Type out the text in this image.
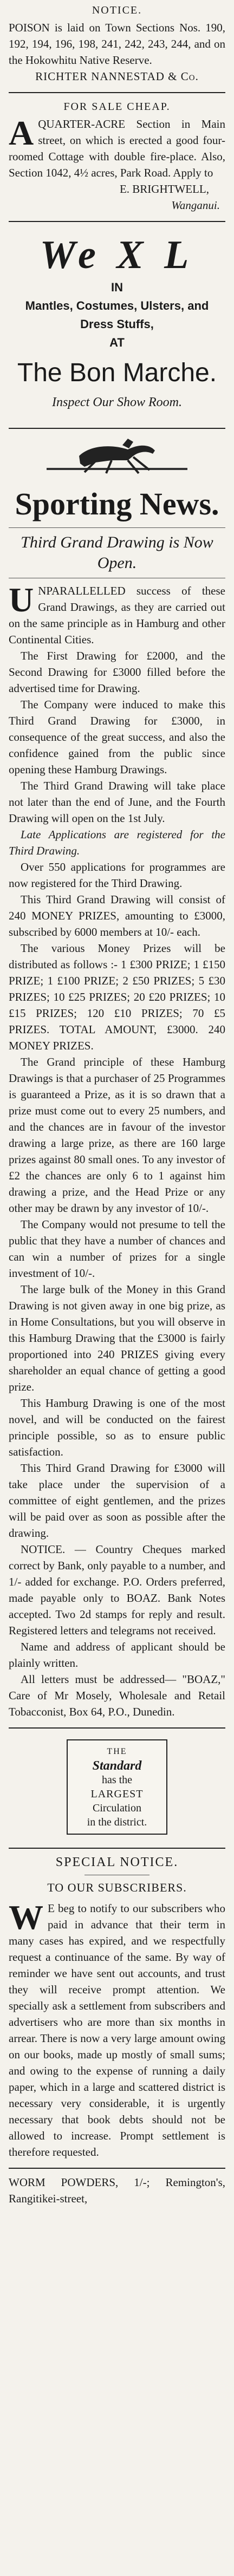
NOTICE.

POISON is laid on Town Sections Nos. 190, 192, 194, 196, 198, 241, 242, 243, 244, and on the Hokowhitu Native Reserve.

RICHTER NANNESTAD & Co.
FOR SALE CHEAP.
A QUARTER-ACRE Section in Main street, on which is erected a good four-roomed Cottage with double fire-place. Also, Section 1042, 4½ acres, Park Road. Apply to

E. BRIGHTWELL,
Wanganui.
We X L
IN
Mantles, Costumes, Ulsters, and Dress Stuffs,
AT
The Bon Marche.
Inspect Our Show Room.
Sporting News.
Third Grand Drawing is Now Open.
U NPARALLELLED success of these Grand Drawings, as they are carried out on the same principle as in Hamburg and other Continental Cities.

The First Drawing for £2000, and the Second Drawing for £3000 filled before the advertised time for Drawing.

The Company were induced to make this Third Grand Drawing for £3000, in consequence of the great success, and also the confidence gained from the public since opening these Hamburg Drawings.

The Third Grand Drawing will take place not later than the end of June, and the Fourth Drawing will open on the 1st July.

Late Applications are registered for the Third Drawing.

Over 550 applications for programmes are now registered for the Third Drawing.

This Third Grand Drawing will consist of 240 MONEY PRIZES, amounting to £3000, subscribed by 6000 members at 10/- each.

The various Money Prizes will be distributed as follows :- 1 £300 PRIZE; 1 £150 PRIZE; 1 £100 PRIZE; 2 £50 PRIZES; 5 £30 PRIZES; 10 £25 PRIZES; 20 £20 PRIZES; 10 £15 PRIZES; 120 £10 PRIZES; 70 £5 PRIZES. TOTAL AMOUNT, £3000. 240 MONEY PRIZES.

The Grand principle of these Hamburg Drawings is that a purchaser of 25 Programmes is guaranteed a Prize, as it is so drawn that a prize must come out to every 25 numbers, and and the chances are in favour of the investor drawing a large prize, as there are 160 large prizes against 80 small ones. To any investor of £2 the chances are only 6 to 1 against him drawing a prize, and the Head Prize or any other may be drawn by any investor of 10/-.

The Company would not presume to tell the public that they have a number of chances and can win a number of prizes for a single investment of 10/-.

The large bulk of the Money in this Grand Drawing is not given away in one big prize, as in Home Consultations, but you will observe in this Hamburg Drawing that the £3000 is fairly proportioned into 240 PRIZES giving every shareholder an equal chance of getting a good prize.

This Hamburg Drawing is one of the most novel, and will be conducted on the fairest principle possible, so as to ensure public satisfaction.

This Third Grand Drawing for £3000 will take place under the supervision of a committee of eight gentlemen, and the prizes will be paid over as soon as possible after the drawing.

NOTICE. — Country Cheques marked correct by Bank, only payable to a number, and 1/- added for exchange. P.O. Orders preferred, made payable only to BOAZ. Bank Notes accepted. Two 2d stamps for reply and result. Registered letters and telegrams not received.

Name and address of applicant should be plainly written.

All letters must be addressed— "BOAZ," Care of Mr Mosely, Wholesale and Retail Tobacconist, Box 64, P.O., Dunedin.

THE
Standard
has the
LARGEST
Circulation
in the district.
SPECIAL NOTICE.
TO OUR SUBSCRIBERS.
W E beg to notify to our subscribers who paid in advance that their term in many cases has expired, and we respectfully request a continuance of the same. By way of reminder we have sent out accounts, and trust they will receive prompt attention. We specially ask a settlement from subscribers and advertisers who are more than six months in arrear. There is now a very large amount owing on our books, made up mostly of small sums; and owing to the expense of running a daily paper, which in a large and scattered district is necessary very considerable, it is urgently necessary that book debts should not be allowed to increase. Prompt settlement is therefore requested.

WORM POWDERS, 1/-; Remington's, Rangitikei-street,
